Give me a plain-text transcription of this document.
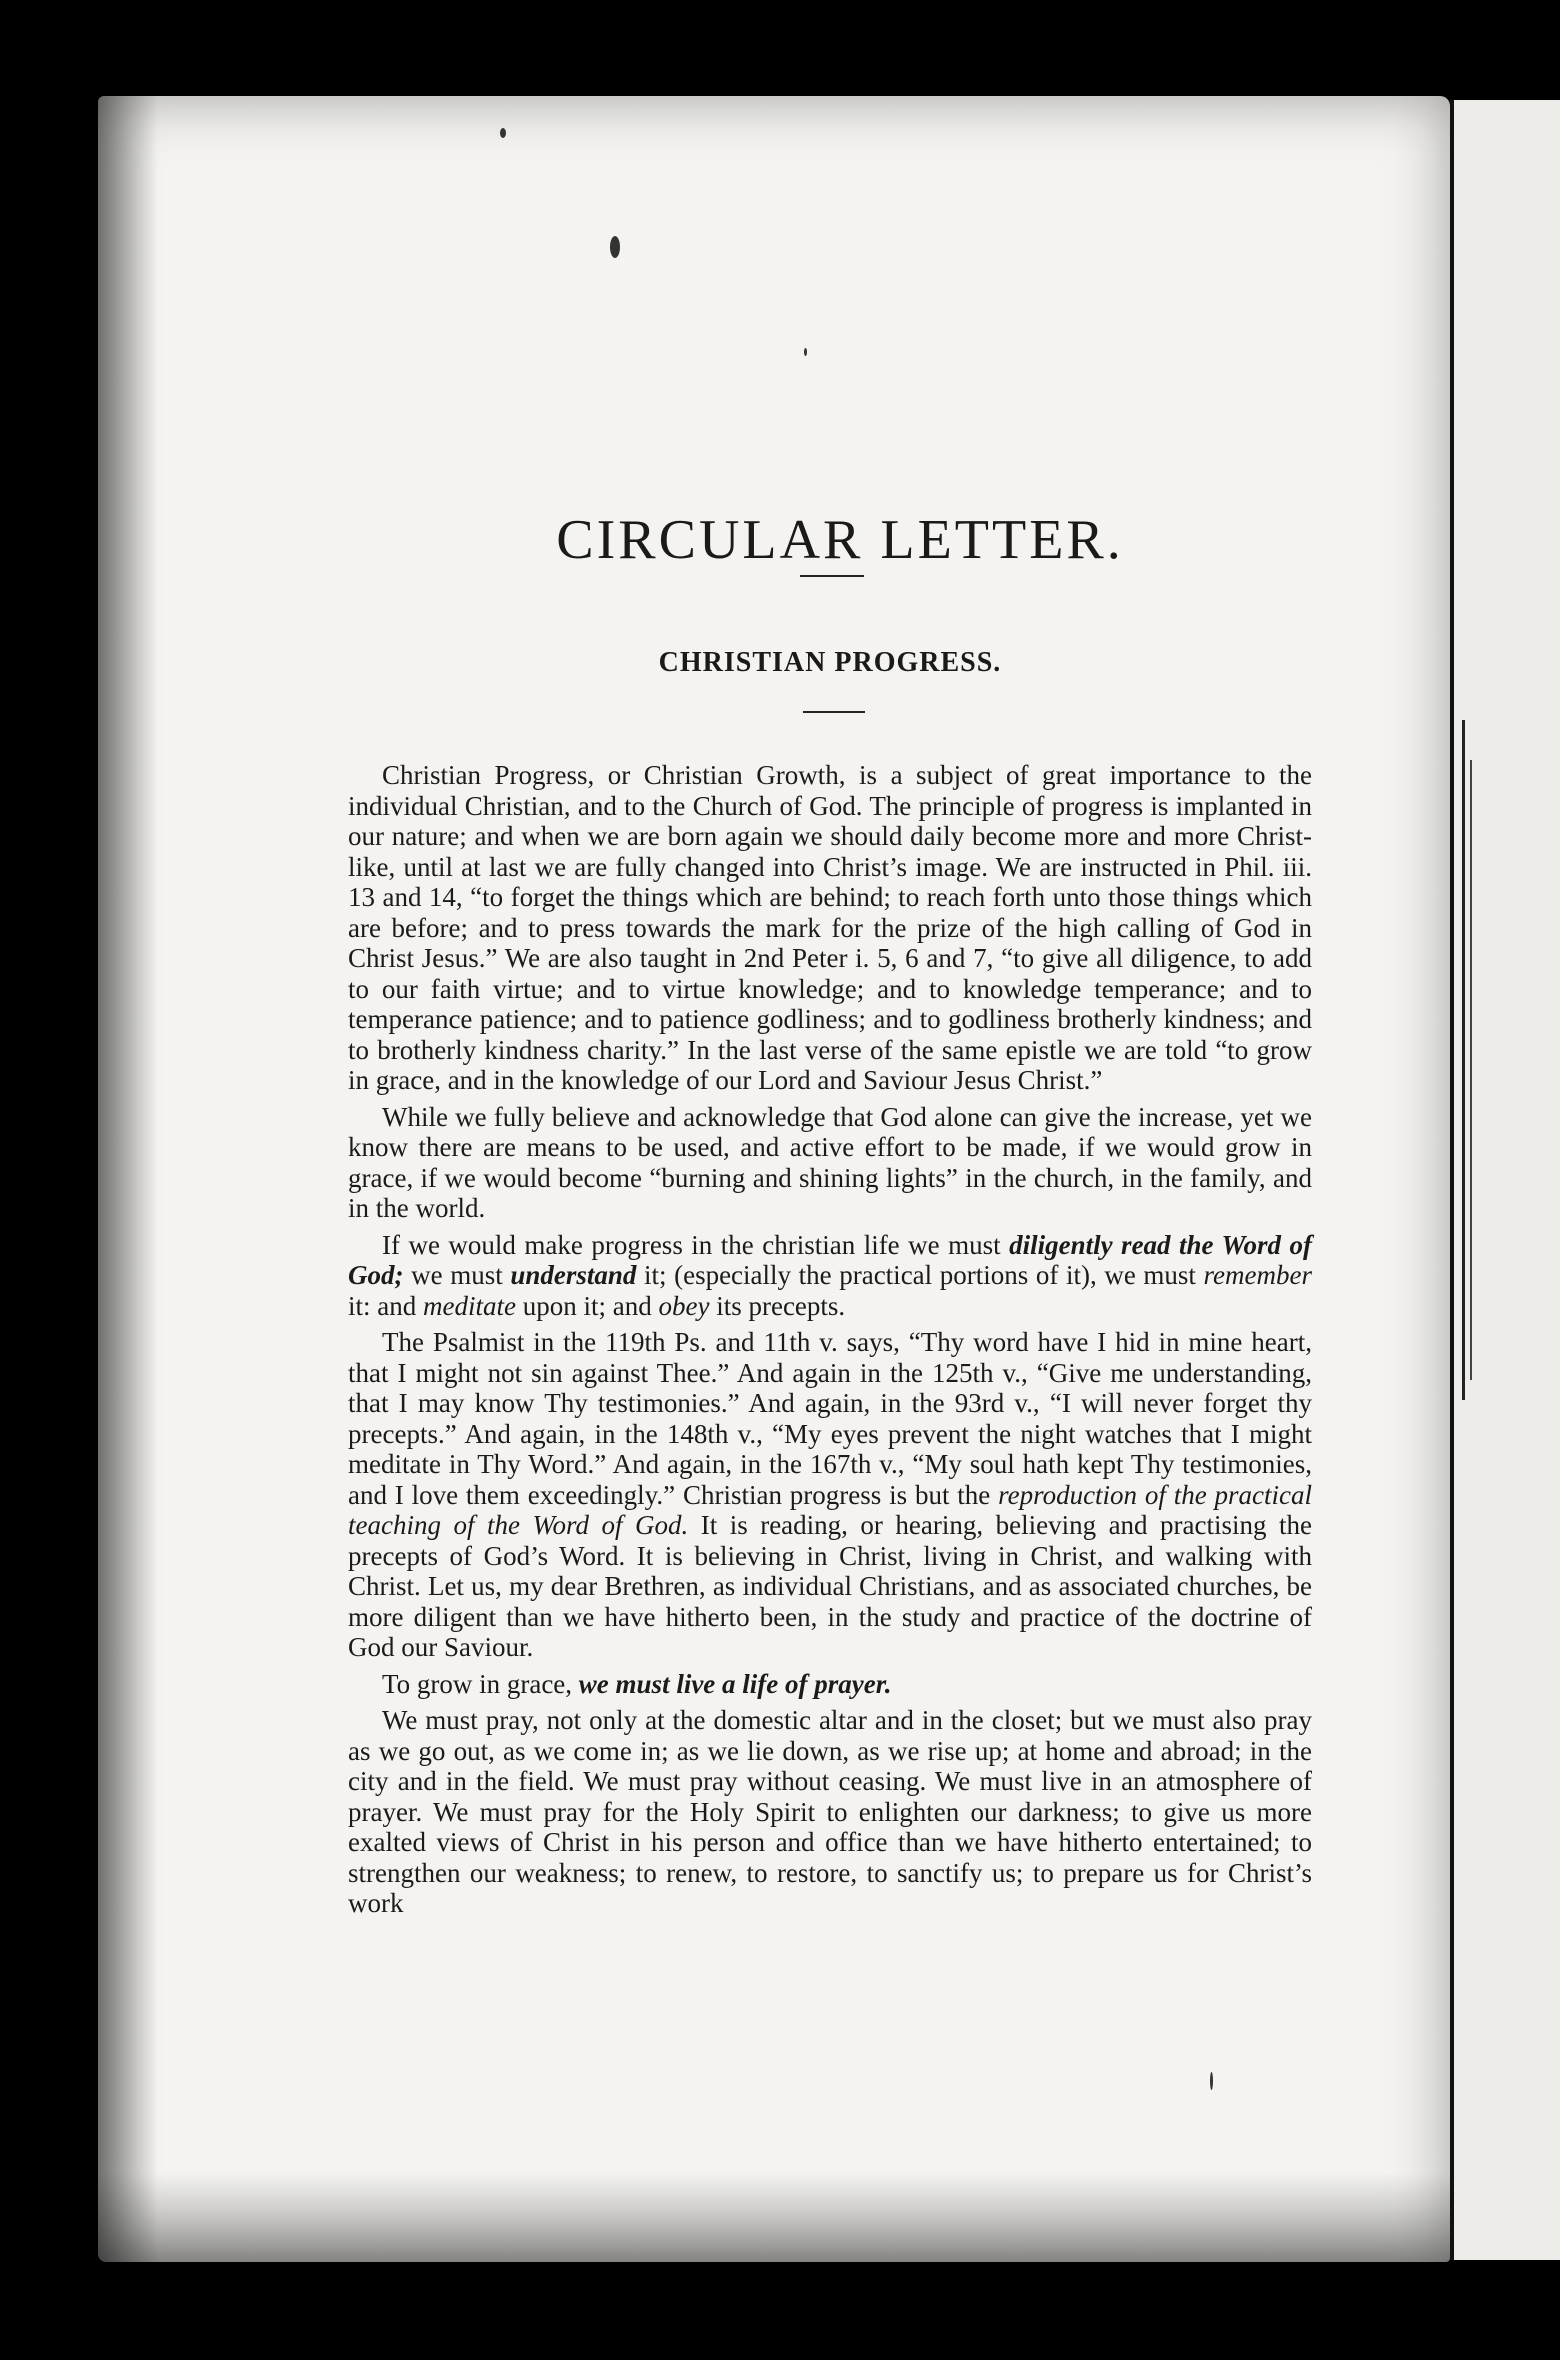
CIRCULAR LETTER.
CHRISTIAN PROGRESS.

Christian Progress, or Christian Growth, is a subject of great importance to the individual Christian, and to the Church of God. The principle of progress is implanted in our nature; and when we are born again we should daily become more and more Christ-like, until at last we are fully changed into Christ’s image. We are instructed in Phil. iii. 13 and 14, “to forget the things which are behind; to reach forth unto those things which are before; and to press towards the mark for the prize of the high calling of God in Christ Jesus.” We are also taught in 2nd Peter i. 5, 6 and 7, “to give all diligence, to add to our faith virtue; and to virtue knowledge; and to knowledge temperance; and to temperance patience; and to patience godliness; and to godliness brotherly kindness; and to brotherly kindness charity.” In the last verse of the same epistle we are told “to grow in grace, and in the knowledge of our Lord and Saviour Jesus Christ.”

While we fully believe and acknowledge that God alone can give the increase, yet we know there are means to be used, and active effort to be made, if we would grow in grace, if we would become “burning and shining lights” in the church, in the family, and in the world.

If we would make progress in the christian life we must diligently read the Word of God; we must understand it; (especially the practical portions of it), we must remember it: and meditate upon it; and obey its precepts.

The Psalmist in the 119th Ps. and 11th v. says, “Thy word have I hid in mine heart, that I might not sin against Thee.” And again in the 125th v., “Give me understanding, that I may know Thy testimonies.” And again, in the 93rd v., “I will never forget thy precepts.” And again, in the 148th v., “My eyes prevent the night watches that I might meditate in Thy Word.” And again, in the 167th v., “My soul hath kept Thy testimonies, and I love them exceedingly.” Christian progress is but the reproduction of the practical teaching of the Word of God. It is reading, or hearing, believing and practising the precepts of God’s Word. It is believing in Christ, living in Christ, and walking with Christ. Let us, my dear Brethren, as individual Christians, and as associated churches, be more diligent than we have hitherto been, in the study and practice of the doctrine of God our Saviour.

To grow in grace, we must live a life of prayer.

We must pray, not only at the domestic altar and in the closet; but we must also pray as we go out, as we come in; as we lie down, as we rise up; at home and abroad; in the city and in the field. We must pray without ceasing. We must live in an atmosphere of prayer. We must pray for the Holy Spirit to enlighten our darkness; to give us more exalted views of Christ in his person and office than we have hitherto entertained; to strengthen our weakness; to renew, to restore, to sanctify us; to prepare us for Christ’s work
